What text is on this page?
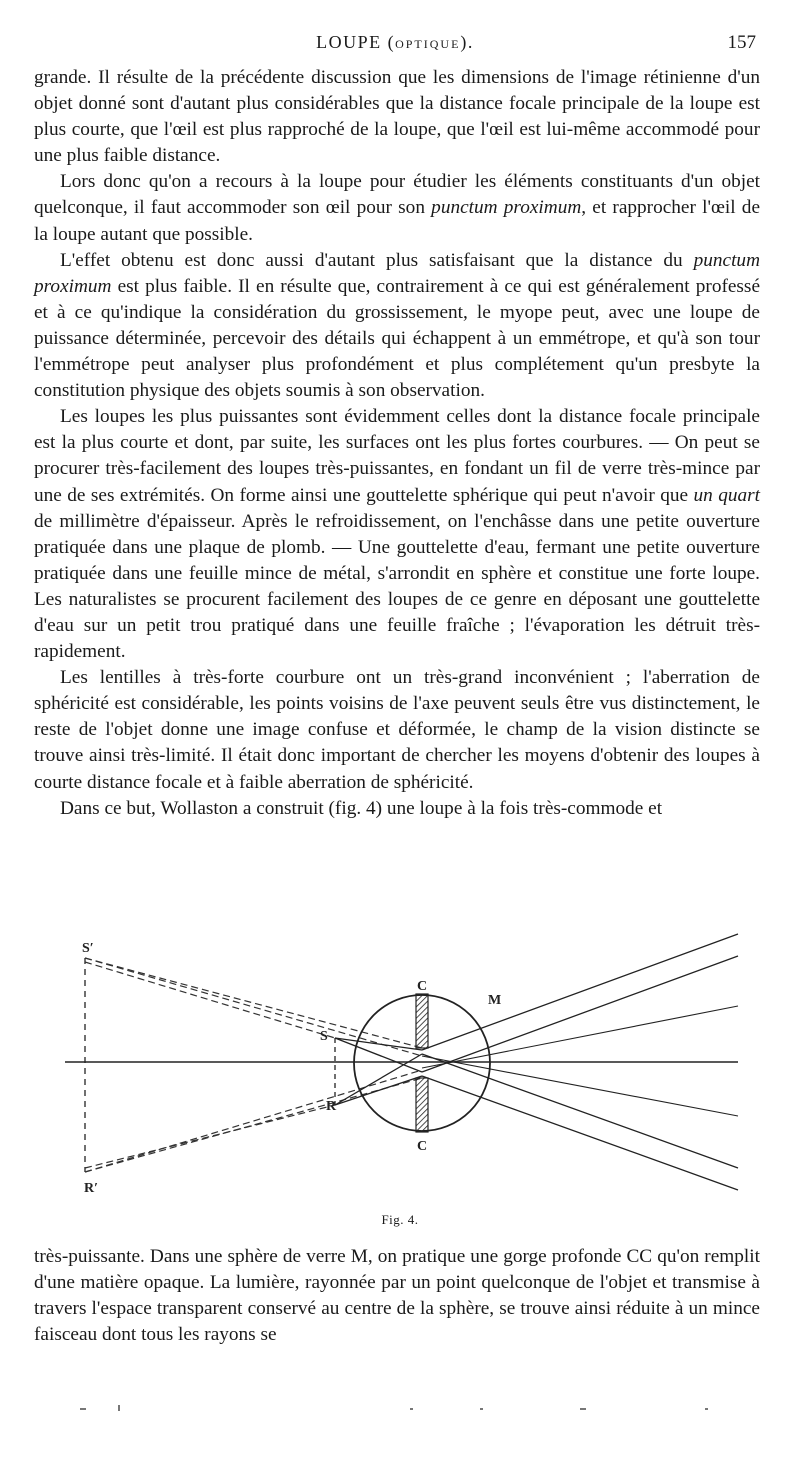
LOUPE (OPTIQUE).	157

grande. Il résulte de la précédente discussion que les dimensions de l'image rétinienne d'un objet donné sont d'autant plus considérables que la distance focale principale de la loupe est plus courte, que l'œil est plus rapproché de la loupe, que l'œil est lui-même accommodé pour une plus faible distance.

Lors donc qu'on a recours à la loupe pour étudier les éléments constituants d'un objet quelconque, il faut accommoder son œil pour son punctum proximum, et rapprocher l'œil de la loupe autant que possible.

L'effet obtenu est donc aussi d'autant plus satisfaisant que la distance du punctum proximum est plus faible. Il en résulte que, contrairement à ce qui est généralement professé et à ce qu'indique la considération du grossissement, le myope peut, avec une loupe de puissance déterminée, percevoir des détails qui échappent à un emmétrope, et qu'à son tour l'emmétrope peut analyser plus profondément et plus complétement qu'un presbyte la constitution physique des objets soumis à son observation.

Les loupes les plus puissantes sont évidemment celles dont la distance focale principale est la plus courte et dont, par suite, les surfaces ont les plus fortes courbures. — On peut se procurer très-facilement des loupes très-puissantes, en fondant un fil de verre très-mince par une de ses extrémités. On forme ainsi une gouttelette sphérique qui peut n'avoir que un quart de millimètre d'épaisseur. Après le refroidissement, on l'enchâsse dans une petite ouverture pratiquée dans une plaque de plomb. — Une gouttelette d'eau, fermant une petite ouverture pratiquée dans une feuille mince de métal, s'arrondit en sphère et constitue une forte loupe. Les naturalistes se procurent facilement des loupes de ce genre en déposant une gouttelette d'eau sur un petit trou pratiqué dans une feuille fraîche ; l'évaporation les détruit très-rapidement.

Les lentilles à très-forte courbure ont un très-grand inconvénient ; l'aberration de sphéricité est considérable, les points voisins de l'axe peuvent seuls être vus distinctement, le reste de l'objet donne une image confuse et déformée, le champ de la vision distincte se trouve ainsi très-limité. Il était donc important de chercher les moyens d'obtenir des loupes à courte distance focale et à faible aberration de sphéricité.

Dans ce but, Wollaston a construit (fig. 4) une loupe à la fois très-commode et

S′
S
R
R′
C
C
M
Fig. 4.

très-puissante. Dans une sphère de verre M, on pratique une gorge profonde CC qu'on remplit d'une matière opaque. La lumière, rayonnée par un point quelconque de l'objet et transmise à travers l'espace transparent conservé au centre de la sphère, se trouve ainsi réduite à un mince faisceau dont tous les rayons se
